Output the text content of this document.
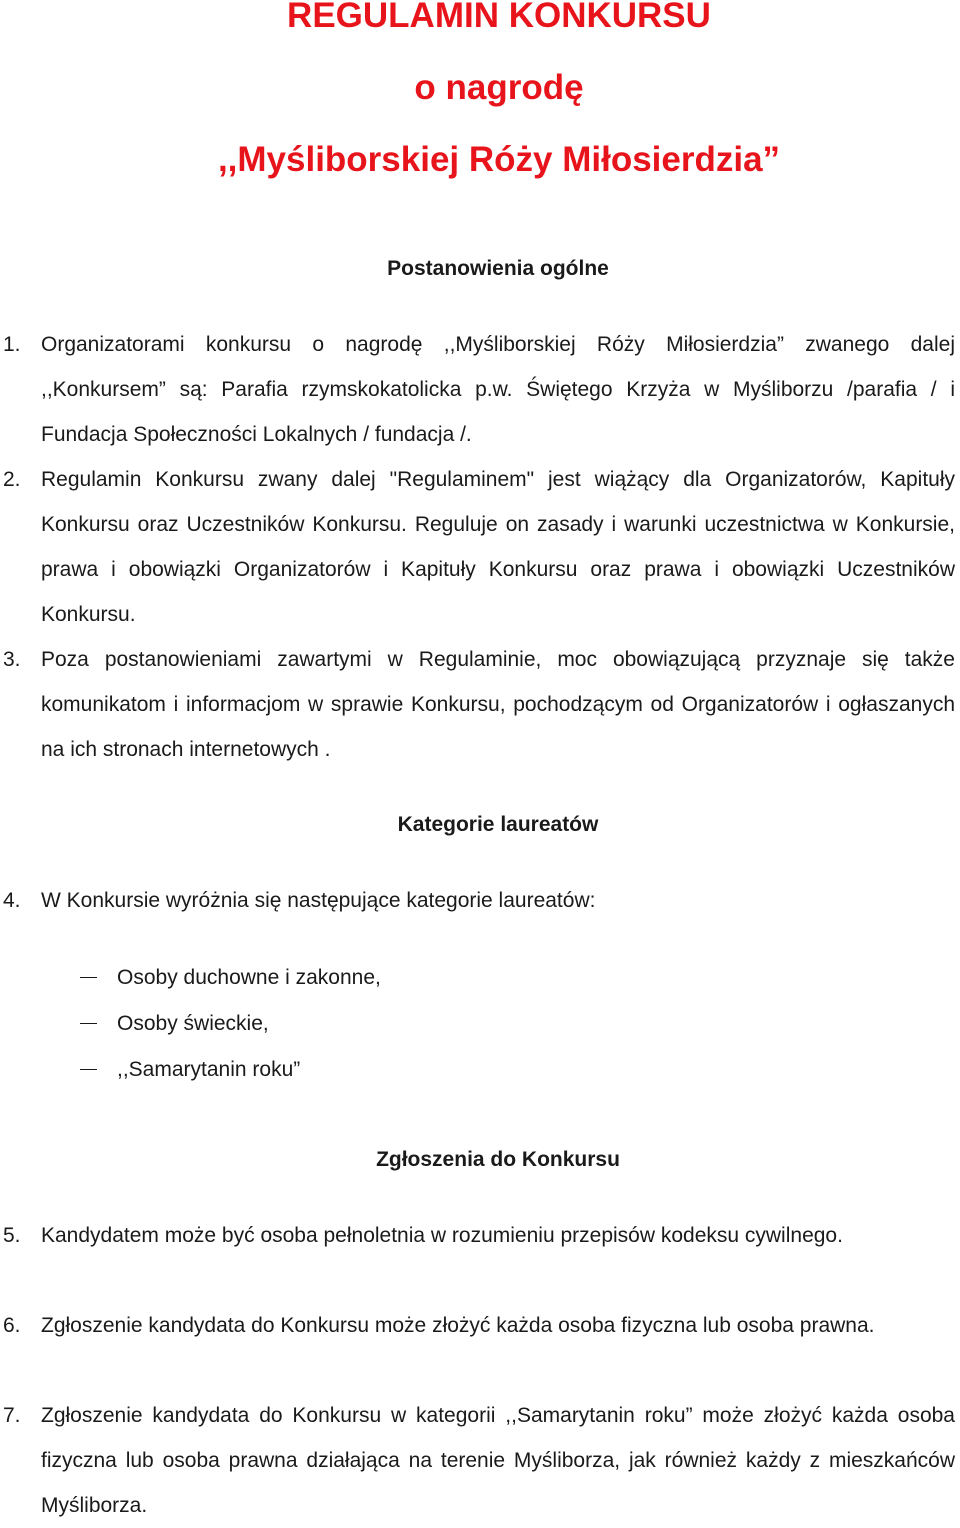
REGULAMIN KONKURSU
o nagrodę
,,Myśliborskiej Róży Miłosierdzia”
Postanowienia ogólne
1. Organizatorami konkursu o nagrodę ,,Myśliborskiej Róży Miłosierdzia” zwanego dalej ,,Konkursem” są: Parafia rzymskokatolicka p.w. Świętego Krzyża w Myśliborzu /parafia / i Fundacja Społeczności Lokalnych / fundacja /.
2. Regulamin Konkursu zwany dalej "Regulaminem" jest wiążący dla Organizatorów, Kapituły Konkursu oraz Uczestników Konkursu. Reguluje on zasady i warunki uczestnictwa w Konkursie, prawa i obowiązki Organizatorów i Kapituły Konkursu oraz prawa i obowiązki Uczestników Konkursu.
3. Poza postanowieniami zawartymi w Regulaminie, moc obowiązującą przyznaje się także komunikatom i informacjom w sprawie Konkursu, pochodzącym od Organizatorów i ogłaszanych na ich stronach internetowych .
Kategorie laureatów
4. W Konkursie wyróżnia się następujące kategorie laureatów:
Osoby duchowne i zakonne,
Osoby świeckie,
,,Samarytanin roku”
Zgłoszenia do Konkursu
5. Kandydatem może być osoba pełnoletnia w rozumieniu przepisów kodeksu cywilnego.
6. Zgłoszenie kandydata do Konkursu może złożyć każda osoba fizyczna lub osoba prawna.
7. Zgłoszenie kandydata do Konkursu w kategorii ,,Samarytanin roku” może złożyć każda osoba fizyczna lub osoba prawna działająca na terenie Myśliborza, jak również każdy z mieszkańców Myśliborza.
